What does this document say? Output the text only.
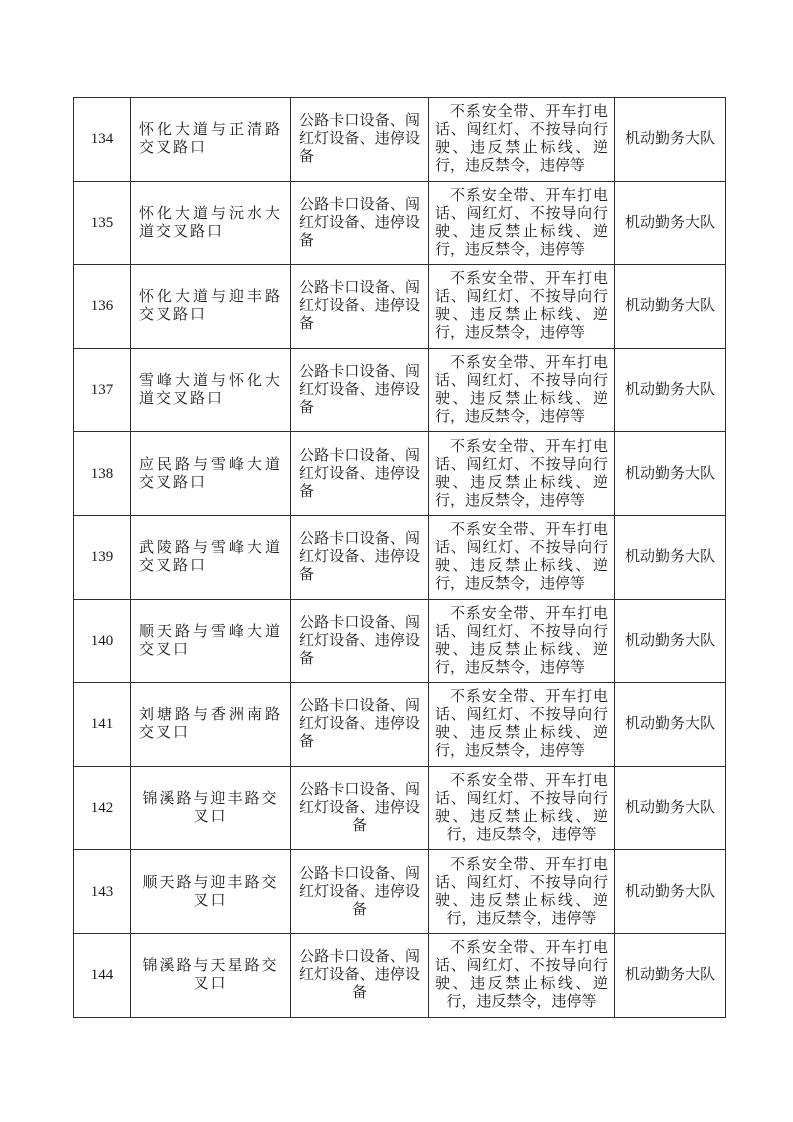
134	怀化大道与正清路交叉路口	公路卡口设备、闯红灯设备、违停设备	不系安全带、开车打电话、闯红灯、不按导向行驶、违反禁止标线、逆行，违反禁令，违停等	机动勤务大队
135	怀化大道与沅水大道交叉路口	公路卡口设备、闯红灯设备、违停设备	不系安全带、开车打电话、闯红灯、不按导向行驶、违反禁止标线、逆行，违反禁令，违停等	机动勤务大队
136	怀化大道与迎丰路交叉路口	公路卡口设备、闯红灯设备、违停设备	不系安全带、开车打电话、闯红灯、不按导向行驶、违反禁止标线、逆行，违反禁令，违停等	机动勤务大队
137	雪峰大道与怀化大道交叉路口	公路卡口设备、闯红灯设备、违停设备	不系安全带、开车打电话、闯红灯、不按导向行驶、违反禁止标线、逆行，违反禁令，违停等	机动勤务大队
138	应民路与雪峰大道交叉路口	公路卡口设备、闯红灯设备、违停设备	不系安全带、开车打电话、闯红灯、不按导向行驶、违反禁止标线、逆行，违反禁令，违停等	机动勤务大队
139	武陵路与雪峰大道交叉路口	公路卡口设备、闯红灯设备、违停设备	不系安全带、开车打电话、闯红灯、不按导向行驶、违反禁止标线、逆行，违反禁令，违停等	机动勤务大队
140	顺天路与雪峰大道交叉口	公路卡口设备、闯红灯设备、违停设备	不系安全带、开车打电话、闯红灯、不按导向行驶、违反禁止标线、逆行，违反禁令，违停等	机动勤务大队
141	刘塘路与香洲南路交叉口	公路卡口设备、闯红灯设备、违停设备	不系安全带、开车打电话、闯红灯、不按导向行驶、违反禁止标线、逆行，违反禁令，违停等	机动勤务大队
142	锦溪路与迎丰路交叉口	公路卡口设备、闯红灯设备、违停设备	不系安全带、开车打电话、闯红灯、不按导向行驶、违反禁止标线、逆行，违反禁令，违停等	机动勤务大队
143	顺天路与迎丰路交叉口	公路卡口设备、闯红灯设备、违停设备	不系安全带、开车打电话、闯红灯、不按导向行驶、违反禁止标线、逆行，违反禁令，违停等	机动勤务大队
144	锦溪路与天星路交叉口	公路卡口设备、闯红灯设备、违停设备	不系安全带、开车打电话、闯红灯、不按导向行驶、违反禁止标线、逆行，违反禁令，违停等	机动勤务大队
